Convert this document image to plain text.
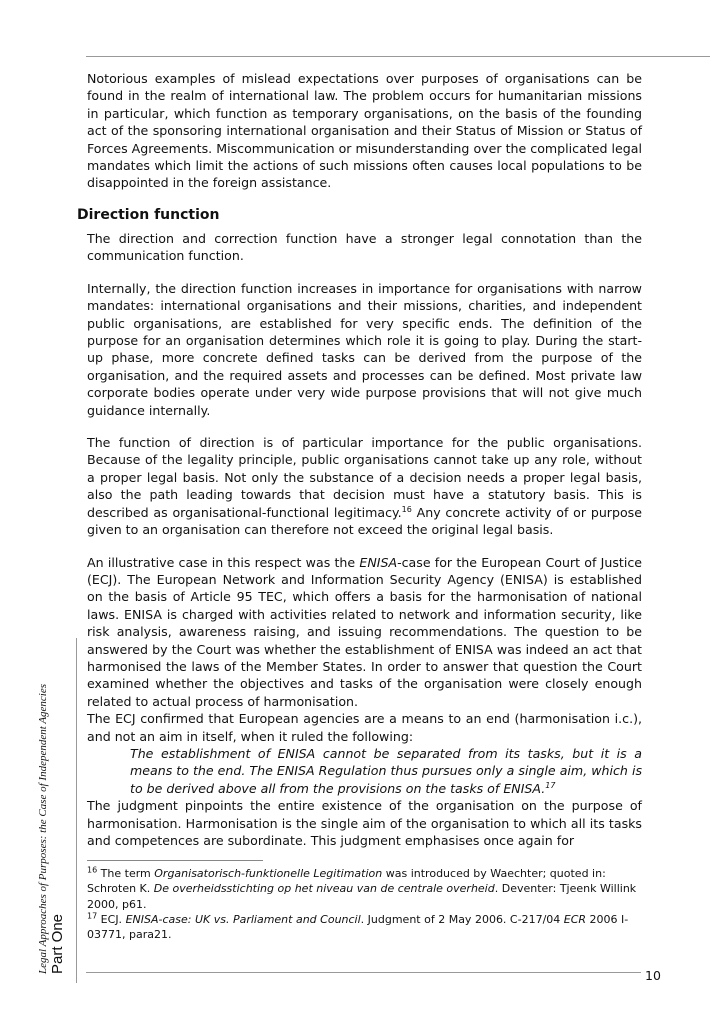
Notorious examples of mislead expectations over purposes of organisations can be found in the realm of international law. The problem occurs for humanitarian missions in particular, which function as temporary organisations, on the basis of the founding act of the sponsoring international organisation and their Status of Mission or Status of Forces Agreements. Miscommunication or misunderstanding over the complicated legal mandates which limit the actions of such missions often causes local populations to be disappointed in the foreign assistance.

Direction function

The direction and correction function have a stronger legal connotation than the communication function.

Internally, the direction function increases in importance for organisations with narrow mandates: international organisations and their missions, charities, and independent public organisations, are established for very specific ends. The definition of the purpose for an organisation determines which role it is going to play. During the start-up phase, more concrete defined tasks can be derived from the purpose of the organisation, and the required assets and processes can be defined. Most private law corporate bodies operate under very wide purpose provisions that will not give much guidance internally.

The function of direction is of particular importance for the public organisations. Because of the legality principle, public organisations cannot take up any role, without a proper legal basis. Not only the substance of a decision needs a proper legal basis, also the path leading towards that decision must have a statutory basis. This is described as organisational-functional legitimacy.$^{16}$ Any concrete activity of or purpose given to an organisation can therefore not exceed the original legal basis.

An illustrative case in this respect was the ENISA-case for the European Court of Justice (ECJ). The European Network and Information Security Agency (ENISA) is established on the basis of Article 95 TEC, which offers a basis for the harmonisation of national laws. ENISA is charged with activities related to network and information security, like risk analysis, awareness raising, and issuing recommendations. The question to be answered by the Court was whether the establishment of ENISA was indeed an act that harmonised the laws of the Member States. In order to answer that question the Court examined whether the objectives and tasks of the organisation were closely enough related to actual process of harmonisation.

The ECJ confirmed that European agencies are a means to an end (harmonisation i.c.), and not an aim in itself, when it ruled the following:

The establishment of ENISA cannot be separated from its tasks, but it is a means to the end. The ENISA Regulation thus pursues only a single aim, which is to be derived above all from the provisions on the tasks of ENISA.$^{17}$

The judgment pinpoints the entire existence of the organisation on the purpose of harmonisation. Harmonisation is the single aim of the organisation to which all its tasks and competences are subordinate. This judgment emphasises once again for

$^{16}$ The term Organisatorisch-funktionelle Legitimation was introduced by Waechter; quoted in: Schroten K. De overheidsstichting op het niveau van de centrale overheid. Deventer: Tjeenk Willink 2000, p61.

$^{17}$ ECJ. ENISA-case: UK vs. Parliament and Council. Judgment of 2 May 2006. C-217/04 ECR 2006 I-03771, para21.

Legal Approaches of Purposes: the Case of Independent Agencies Part One
10
